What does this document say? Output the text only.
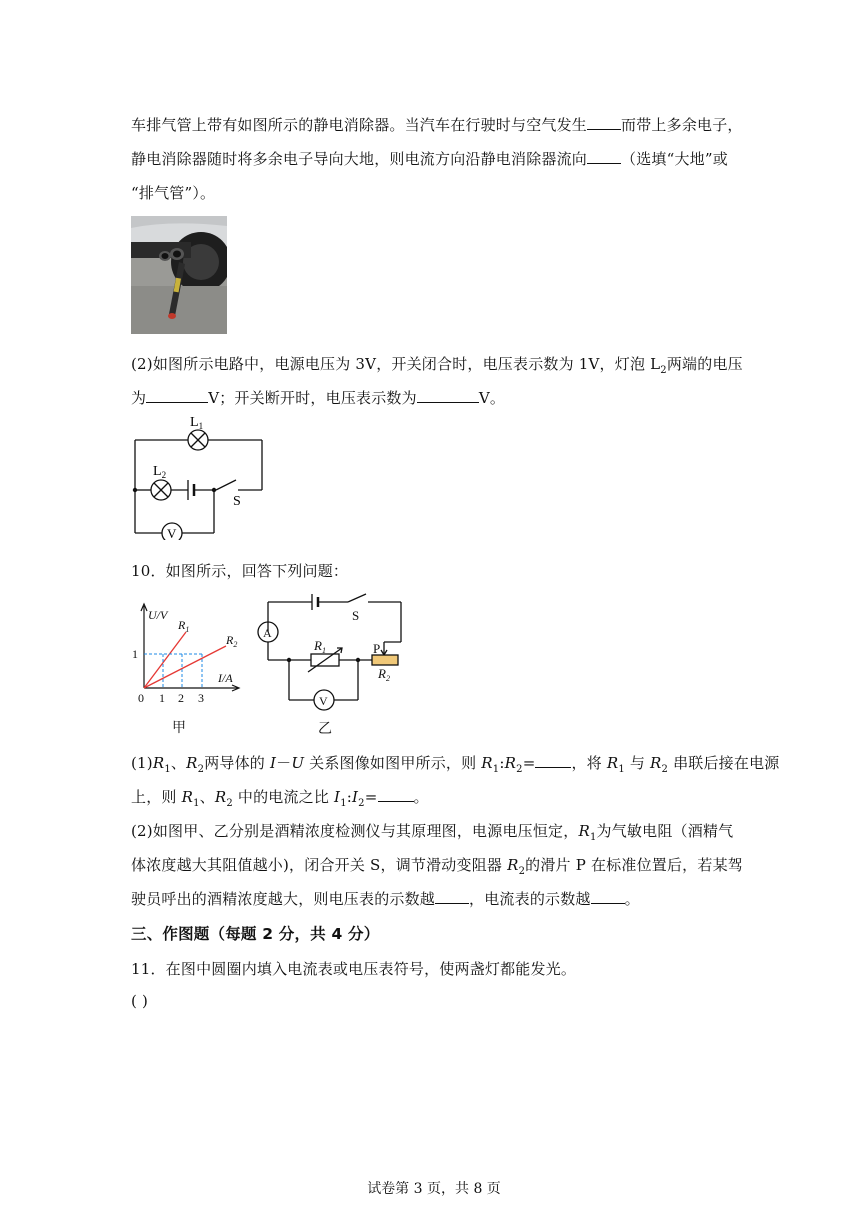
车排气管上带有如图所示的静电消除器。当汽车在行驶时与空气发生 而带上多余电子，
静电消除器随时将多余电子导向大地，则电流方向沿静电消除器流向 （选填“大地”或
“排气管”）。
(2)如图所示电路中，电源电压为 3V，开关闭合时，电压表示数为 1V，灯泡 $L_2$两端的电压
为	V；开关断开时，电压表示数为	V。
$L_1$
$L_2$
S
V
10．如图所示，回答下列问题：
U/V
I/A
$R_1$
$R_2$
1
0 1 2 3
甲
S
A
V
$R_1$
$R_2$
P
乙
$(1)R_1$、$R_2$两导体的 I－U 关系图像如图甲所示，则 $R_1:R_2=$ ，将 $R_1$ 与 $R_2$ 串联后接在电源
上，则 $R_1$、$R_2$ 中的电流之比 $I_1:I_2=$ 。
(2)如图甲、乙分别是酒精浓度检测仪与其原理图，电源电压恒定，$R_1$为气敏电阻（酒精气
体浓度越大其阻值越小)，闭合开关 S，调节滑动变阻器 $R_2$的滑片 P 在标准位置后，若某驾
驶员呼出的酒精浓度越大，则电压表的示数越 ，电流表的示数越 。
三、作图题（每题 2 分，共 4 分）
11．在图中圆圈内填入电流表或电压表符号，使两盏灯都能发光。
( )
试卷第 3 页，共 8 页
